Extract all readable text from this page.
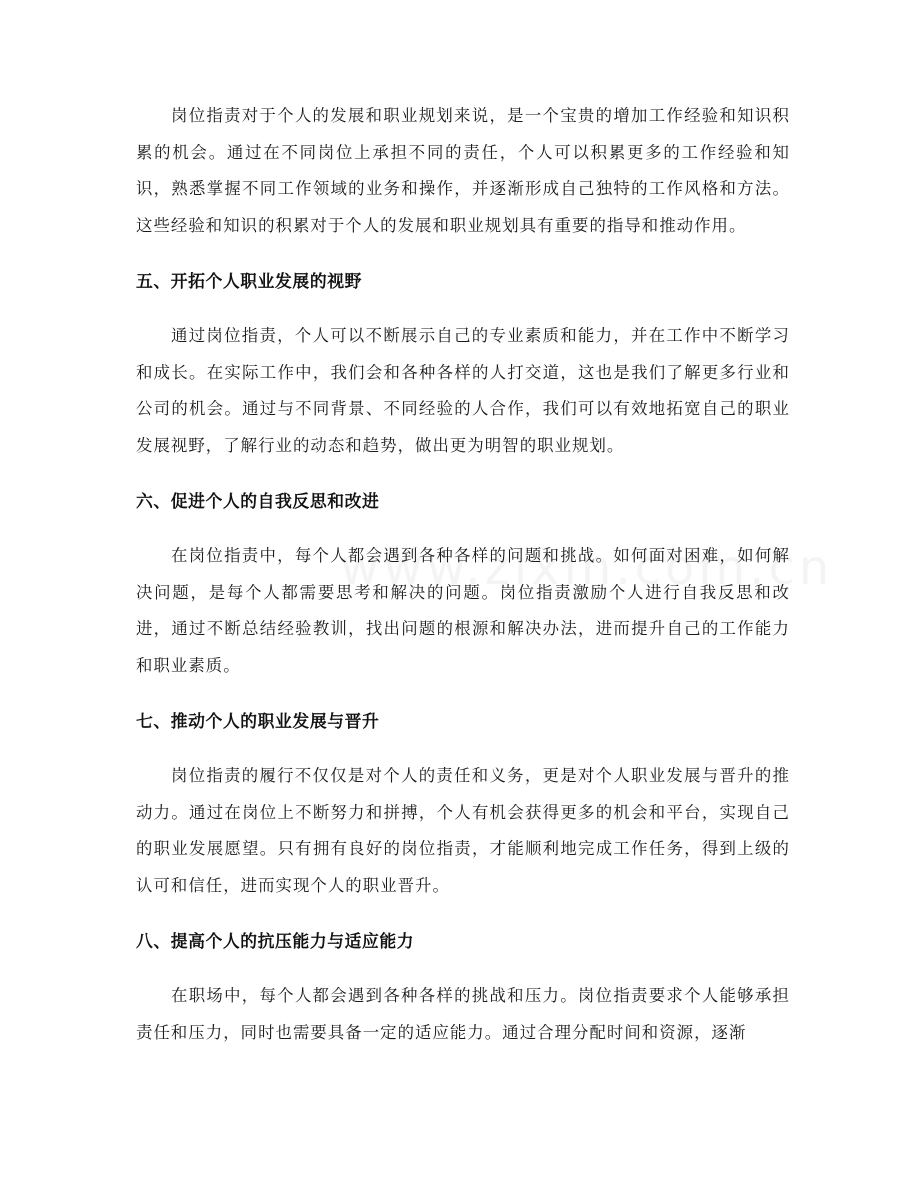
岗位指责对于个人的发展和职业规划来说，是一个宝贵的增加工作经验和知识积累的机会。通过在不同岗位上承担不同的责任，个人可以积累更多的工作经验和知识，熟悉掌握不同工作领域的业务和操作，并逐渐形成自己独特的工作风格和方法。这些经验和知识的积累对于个人的发展和职业规划具有重要的指导和推动作用。

五、开拓个人职业发展的视野

通过岗位指责，个人可以不断展示自己的专业素质和能力，并在工作中不断学习和成长。在实际工作中，我们会和各种各样的人打交道，这也是我们了解更多行业和公司的机会。通过与不同背景、不同经验的人合作，我们可以有效地拓宽自己的职业发展视野，了解行业的动态和趋势，做出更为明智的职业规划。

六、促进个人的自我反思和改进

在岗位指责中，每个人都会遇到各种各样的问题和挑战。如何面对困难，如何解决问题，是每个人都需要思考和解决的问题。岗位指责激励个人进行自我反思和改进，通过不断总结经验教训，找出问题的根源和解决办法，进而提升自己的工作能力和职业素质。

七、推动个人的职业发展与晋升

岗位指责的履行不仅仅是对个人的责任和义务，更是对个人职业发展与晋升的推动力。通过在岗位上不断努力和拼搏，个人有机会获得更多的机会和平台，实现自己的职业发展愿望。只有拥有良好的岗位指责，才能顺利地完成工作任务，得到上级的认可和信任，进而实现个人的职业晋升。

八、提高个人的抗压能力与适应能力

在职场中，每个人都会遇到各种各样的挑战和压力。岗位指责要求个人能够承担责任和压力，同时也需要具备一定的适应能力。通过合理分配时间和资源，逐渐
